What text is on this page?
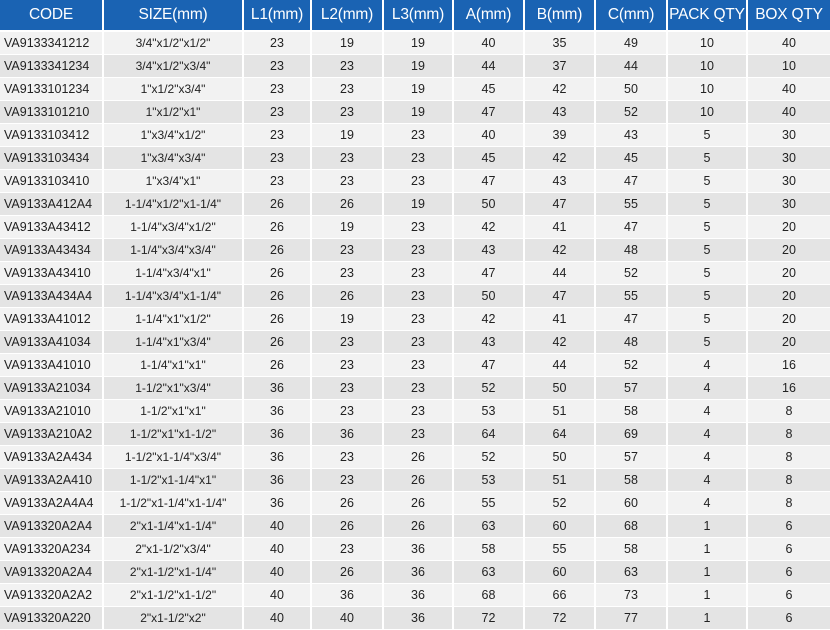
CODE	SIZE(mm)	L1(mm)	L2(mm)	L3(mm)	A(mm)	B(mm)	C(mm)	PACK QTY	BOX QTY
VA9133341212	3/4"x1/2"x1/2"	23	19	19	40	35	49	10	40
VA9133341234	3/4"x1/2"x3/4"	23	23	19	44	37	44	10	10
VA9133101234	1"x1/2"x3/4"	23	23	19	45	42	50	10	40
VA9133101210	1"x1/2"x1"	23	23	19	47	43	52	10	40
VA9133103412	1"x3/4"x1/2"	23	19	23	40	39	43	5	30
VA9133103434	1"x3/4"x3/4"	23	23	23	45	42	45	5	30
VA9133103410	1"x3/4"x1"	23	23	23	47	43	47	5	30
VA9133A412A4	1-1/4"x1/2"x1-1/4"	26	26	19	50	47	55	5	30
VA9133A43412	1-1/4"x3/4"x1/2"	26	19	23	42	41	47	5	20
VA9133A43434	1-1/4"x3/4"x3/4"	26	23	23	43	42	48	5	20
VA9133A43410	1-1/4"x3/4"x1"	26	23	23	47	44	52	5	20
VA9133A434A4	1-1/4"x3/4"x1-1/4"	26	26	23	50	47	55	5	20
VA9133A41012	1-1/4"x1"x1/2"	26	19	23	42	41	47	5	20
VA9133A41034	1-1/4"x1"x3/4"	26	23	23	43	42	48	5	20
VA9133A41010	1-1/4"x1"x1"	26	23	23	47	44	52	4	16
VA9133A21034	1-1/2"x1"x3/4"	36	23	23	52	50	57	4	16
VA9133A21010	1-1/2"x1"x1"	36	23	23	53	51	58	4	8
VA9133A210A2	1-1/2"x1"x1-1/2"	36	36	23	64	64	69	4	8
VA9133A2A434	1-1/2"x1-1/4"x3/4"	36	23	26	52	50	57	4	8
VA9133A2A410	1-1/2"x1-1/4"x1"	36	23	26	53	51	58	4	8
VA9133A2A4A4	1-1/2"x1-1/4"x1-1/4"	36	26	26	55	52	60	4	8
VA913320A2A4	2"x1-1/4"x1-1/4"	40	26	26	63	60	68	1	6
VA913320A234	2"x1-1/2"x3/4"	40	23	36	58	55	58	1	6
VA913320A2A4	2"x1-1/2"x1-1/4"	40	26	36	63	60	63	1	6
VA913320A2A2	2"x1-1/2"x1-1/2"	40	36	36	68	66	73	1	6
VA913320A220	2"x1-1/2"x2"	40	40	36	72	72	77	1	6
